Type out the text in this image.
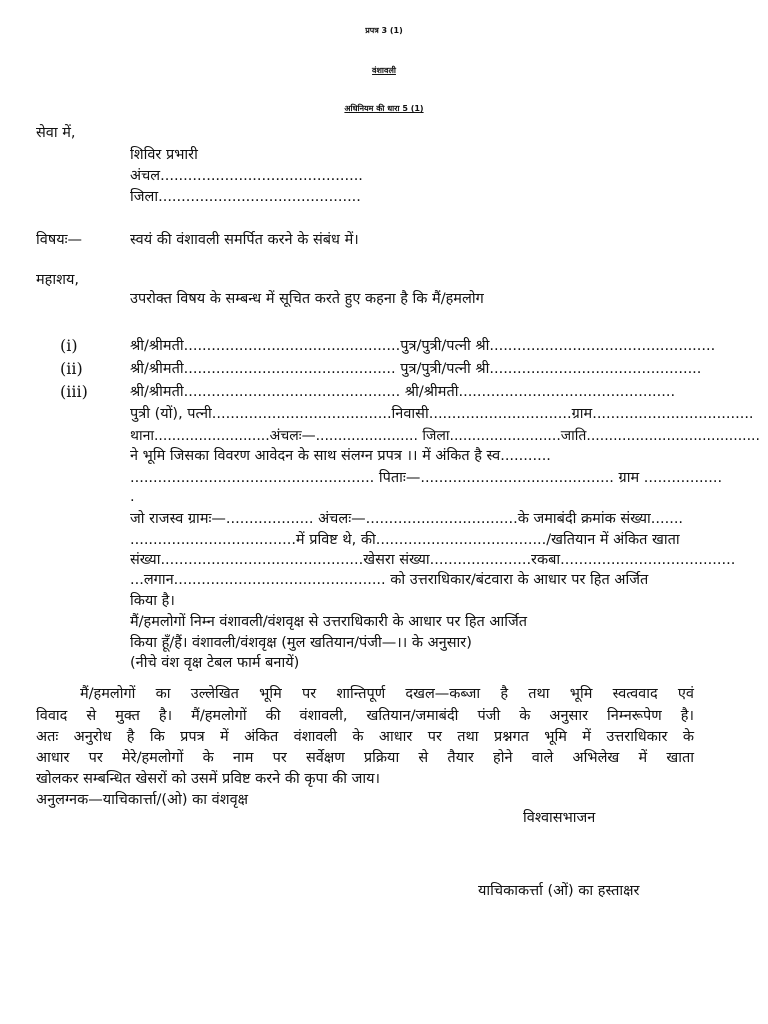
प्रपत्र 3 (1)
वंशावली
अधिनियम की धारा 5 (1)
सेवा में,
शिविर प्रभारी
अंचल............................................
जिला............................................
विषयः—	स्वयं की वंशावली समर्पित करने के संबंध में।
महाशय,
उपरोक्त विषय के सम्बन्ध में सूचित करते हुए कहना है कि मैं/हमलोग
(i)	श्री/श्रीमती...............................................पुत्र/पुत्री/पत्नी श्री.................................................
(ii)	श्री/श्रीमती.............................................. पुत्र/पुत्री/पत्नी श्री..............................................
(iii)	श्री/श्रीमती............................................... श्री/श्रीमती...............................................
पुत्री (यों), पत्नी.......................................निवासी...............................ग्राम...................................
थाना..........................अंचलः—....................... जिला.........................जाति.......................................
ने भूमि जिसका विवरण आवेदन के साथ संलग्न प्रपत्र ।। में अंकित है स्व...........
..................................................... पिताः—.......................................... ग्राम .................
.
जो राजस्व ग्रामः—................... अंचलः—.................................के जमाबंदी क्रमांक संख्या.......
....................................में प्रविष्ट थे, की...................................../खतियान में अंकित खाता
संख्या............................................खेसरा संख्या......................रकबा......................................
...लगान.............................................. को उत्तराधिकार/बंटवारा के आधार पर हित अर्जित
किया है।
मैं/हमलोगों निम्न वंशावली/वंशवृक्ष से उत्तराधिकारी के आधार पर हित आर्जित
किया हूँ/हैं। वंशावली/वंशवृक्ष (मुल खतियान/पंजी—।। के अनुसार)
(नीचे वंश वृक्ष टेबल फार्म बनायें)
मैं/हमलोगों का उल्लेखित भूमि पर शान्तिपूर्ण दखल—कब्जा है तथा भूमि स्वत्ववाद एवं
विवाद से मुक्त है। मैं/हमलोगों की वंशावली, खतियान/जमाबंदी पंजी के अनुसार निम्नरूपेण है।
अतः अनुरोध है कि प्रपत्र में अंकित वंशावली के आधार पर तथा प्रश्नगत भूमि में उत्तराधिकार के
आधार पर मेरे/हमलोगों के नाम पर सर्वेक्षण प्रक्रिया से तैयार होने वाले अभिलेख में खाता
खोलकर सम्बन्धित खेसरों को उसमें प्रविष्ट करने की कृपा की जाय।
अनुलग्नक—याचिकार्त्ता/(ओ) का वंशवृक्ष
विश्वासभाजन
याचिकाकर्त्ता (ओं) का हस्ताक्षर
